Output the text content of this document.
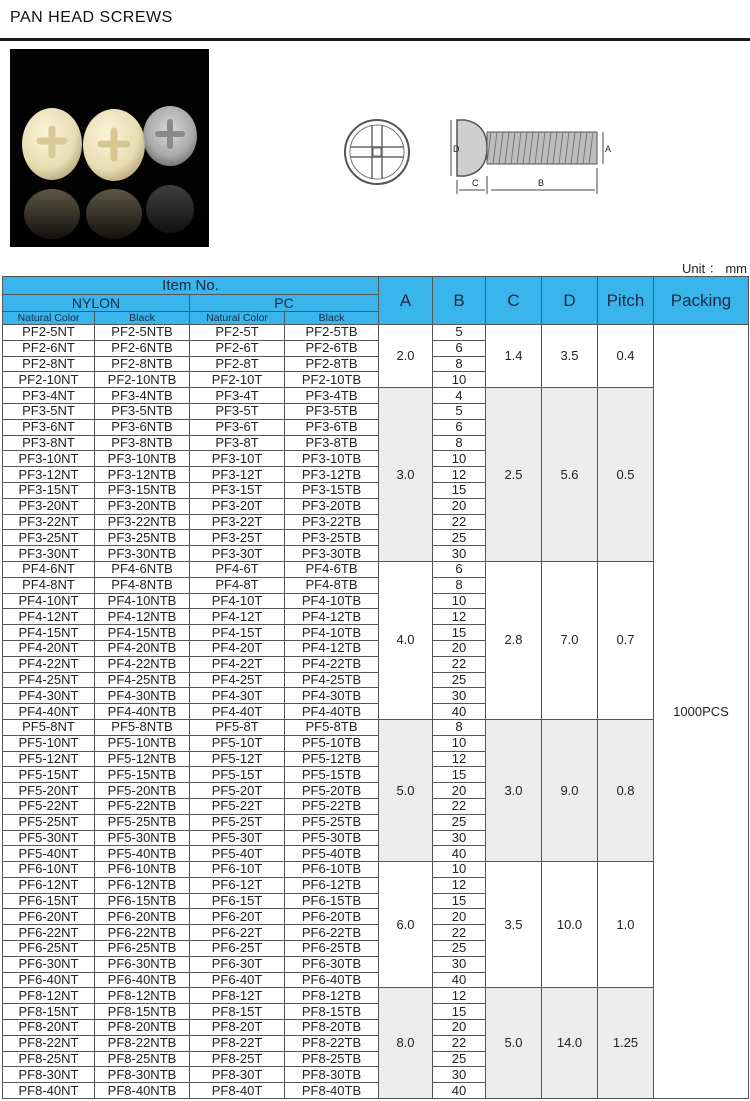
PAN HEAD SCREWS
D	A
C	B
Unit ： mm
Item No.				A	B	C	D	Pitch	Packing
NYLON		PC							
Natural Color	Black	Natural Color	Black						
PF2-5NT	PF2-5NTB	PF2-5T	PF2-5TB	2.0	5	1.4	3.5	0.4	1000PCS
PF2-6NT	PF2-6NTB	PF2-6T	PF2-6TB		6				
PF2-8NT	PF2-8NTB	PF2-8T	PF2-8TB		8				
PF2-10NT	PF2-10NTB	PF2-10T	PF2-10TB		10				
PF3-4NT	PF3-4NTB	PF3-4T	PF3-4TB	3.0	4	2.5	5.6	0.5	
PF3-5NT	PF3-5NTB	PF3-5T	PF3-5TB		5				
PF3-6NT	PF3-6NTB	PF3-6T	PF3-6TB		6				
PF3-8NT	PF3-8NTB	PF3-8T	PF3-8TB		8				
PF3-10NT	PF3-10NTB	PF3-10T	PF3-10TB		10				
PF3-12NT	PF3-12NTB	PF3-12T	PF3-12TB		12				
PF3-15NT	PF3-15NTB	PF3-15T	PF3-15TB		15				
PF3-20NT	PF3-20NTB	PF3-20T	PF3-20TB		20				
PF3-22NT	PF3-22NTB	PF3-22T	PF3-22TB		22				
PF3-25NT	PF3-25NTB	PF3-25T	PF3-25TB		25				
PF3-30NT	PF3-30NTB	PF3-30T	PF3-30TB		30				
PF4-6NT	PF4-6NTB	PF4-6T	PF4-6TB	4.0	6	2.8	7.0	0.7	
PF4-8NT	PF4-8NTB	PF4-8T	PF4-8TB		8				
PF4-10NT	PF4-10NTB	PF4-10T	PF4-10TB		10				
PF4-12NT	PF4-12NTB	PF4-12T	PF4-12TB		12				
PF4-15NT	PF4-15NTB	PF4-15T	PF4-10TB		15				
PF4-20NT	PF4-20NTB	PF4-20T	PF4-12TB		20				
PF4-22NT	PF4-22NTB	PF4-22T	PF4-22TB		22				
PF4-25NT	PF4-25NTB	PF4-25T	PF4-25TB		25				
PF4-30NT	PF4-30NTB	PF4-30T	PF4-30TB		30				
PF4-40NT	PF4-40NTB	PF4-40T	PF4-40TB		40				
PF5-8NT	PF5-8NTB	PF5-8T	PF5-8TB	5.0	8	3.0	9.0	0.8	
PF5-10NT	PF5-10NTB	PF5-10T	PF5-10TB		10				
PF5-12NT	PF5-12NTB	PF5-12T	PF5-12TB		12				
PF5-15NT	PF5-15NTB	PF5-15T	PF5-15TB		15				
PF5-20NT	PF5-20NTB	PF5-20T	PF5-20TB		20				
PF5-22NT	PF5-22NTB	PF5-22T	PF5-22TB		22				
PF5-25NT	PF5-25NTB	PF5-25T	PF5-25TB		25				
PF5-30NT	PF5-30NTB	PF5-30T	PF5-30TB		30				
PF5-40NT	PF5-40NTB	PF5-40T	PF5-40TB		40				
PF6-10NT	PF6-10NTB	PF6-10T	PF6-10TB	6.0	10	3.5	10.0	1.0	
PF6-12NT	PF6-12NTB	PF6-12T	PF6-12TB		12				
PF6-15NT	PF6-15NTB	PF6-15T	PF6-15TB		15				
PF6-20NT	PF6-20NTB	PF6-20T	PF6-20TB		20				
PF6-22NT	PF6-22NTB	PF6-22T	PF6-22TB		22				
PF6-25NT	PF6-25NTB	PF6-25T	PF6-25TB		25				
PF6-30NT	PF6-30NTB	PF6-30T	PF6-30TB		30				
PF6-40NT	PF6-40NTB	PF6-40T	PF6-40TB		40				
PF8-12NT	PF8-12NTB	PF8-12T	PF8-12TB	8.0	12	5.0	14.0	1.25	
PF8-15NT	PF8-15NTB	PF8-15T	PF8-15TB		15				
PF8-20NT	PF8-20NTB	PF8-20T	PF8-20TB		20				
PF8-22NT	PF8-22NTB	PF8-22T	PF8-22TB		22				
PF8-25NT	PF8-25NTB	PF8-25T	PF8-25TB		25				
PF8-30NT	PF8-30NTB	PF8-30T	PF8-30TB		30				
PF8-40NT	PF8-40NTB	PF8-40T	PF8-40TB		40				
